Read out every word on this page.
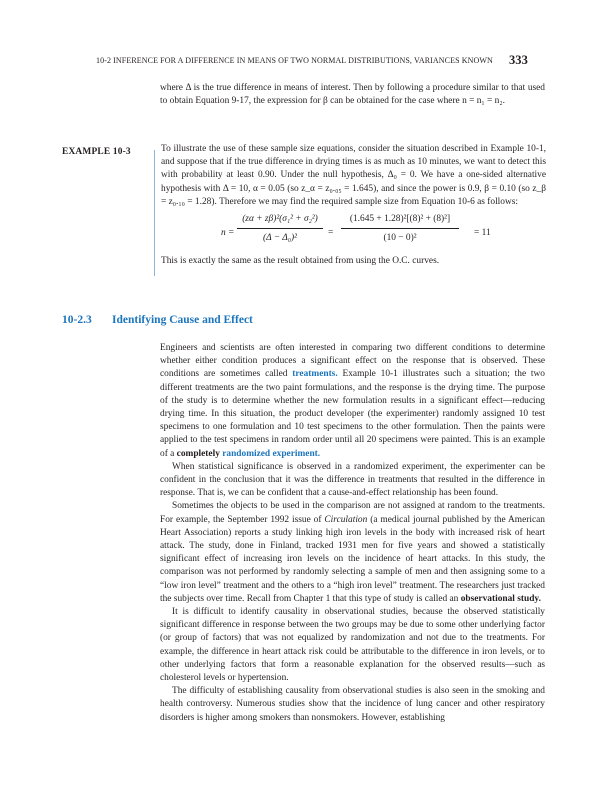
10-2 INFERENCE FOR A DIFFERENCE IN MEANS OF TWO NORMAL DISTRIBUTIONS, VARIANCES KNOWN 333

where Δ is the true difference in means of interest. Then by following a procedure similar to that used to obtain Equation 9-17, the expression for β can be obtained for the case where n = n₁ = n₂.

EXAMPLE 10-3	To illustrate the use of these sample size equations, consider the situation described in Example 10-1, and suppose that if the true difference in drying times is as much as 10 minutes, we want to detect this with probability at least 0.90. Under the null hypothesis, Δ₀ = 0. We have a one-sided alternative hypothesis with Δ = 10, α = 0.05 (so z_α = z₀.₀₅ = 1.645), and since the power is 0.9, β = 0.10 (so z_β = z₀.₁₀ = 1.28). Therefore we may find the required sample size from Equation 10-6 as follows:

n =
(zα + zβ)²(σ₁² + σ₂²)
(Δ − Δ₀)²	=
(1.645 + 1.28)²[(8)² + (8)²]
(10 − 0)²	= 11

This is exactly the same as the result obtained from using the O.C. curves.

10-2.3 Identifying Cause and Effect

Engineers and scientists are often interested in comparing two different conditions to determine whether either condition produces a significant effect on the response that is observed. These conditions are sometimes called treatments. Example 10-1 illustrates such a situation; the two different treatments are the two paint formulations, and the response is the drying time. The purpose of the study is to determine whether the new formulation results in a significant effect—reducing drying time. In this situation, the product developer (the experimenter) randomly assigned 10 test specimens to one formulation and 10 test specimens to the other formulation. Then the paints were applied to the test specimens in random order until all 20 specimens were painted. This is an example of a completely randomized experiment.

When statistical significance is observed in a randomized experiment, the experimenter can be confident in the conclusion that it was the difference in treatments that resulted in the difference in response. That is, we can be confident that a cause-and-effect relationship has been found.

Sometimes the objects to be used in the comparison are not assigned at random to the treatments. For example, the September 1992 issue of Circulation (a medical journal published by the American Heart Association) reports a study linking high iron levels in the body with increased risk of heart attack. The study, done in Finland, tracked 1931 men for five years and showed a statistically significant effect of increasing iron levels on the incidence of heart attacks. In this study, the comparison was not performed by randomly selecting a sample of men and then assigning some to a “low iron level” treatment and the others to a “high iron level” treatment. The researchers just tracked the subjects over time. Recall from Chapter 1 that this type of study is called an observational study.

It is difficult to identify causality in observational studies, because the observed statistically significant difference in response between the two groups may be due to some other underlying factor (or group of factors) that was not equalized by randomization and not due to the treatments. For example, the difference in heart attack risk could be attributable to the difference in iron levels, or to other underlying factors that form a reasonable explanation for the observed results—such as cholesterol levels or hypertension.

The difficulty of establishing causality from observational studies is also seen in the smoking and health controversy. Numerous studies show that the incidence of lung cancer and other respiratory disorders is higher among smokers than nonsmokers. However, establishing
